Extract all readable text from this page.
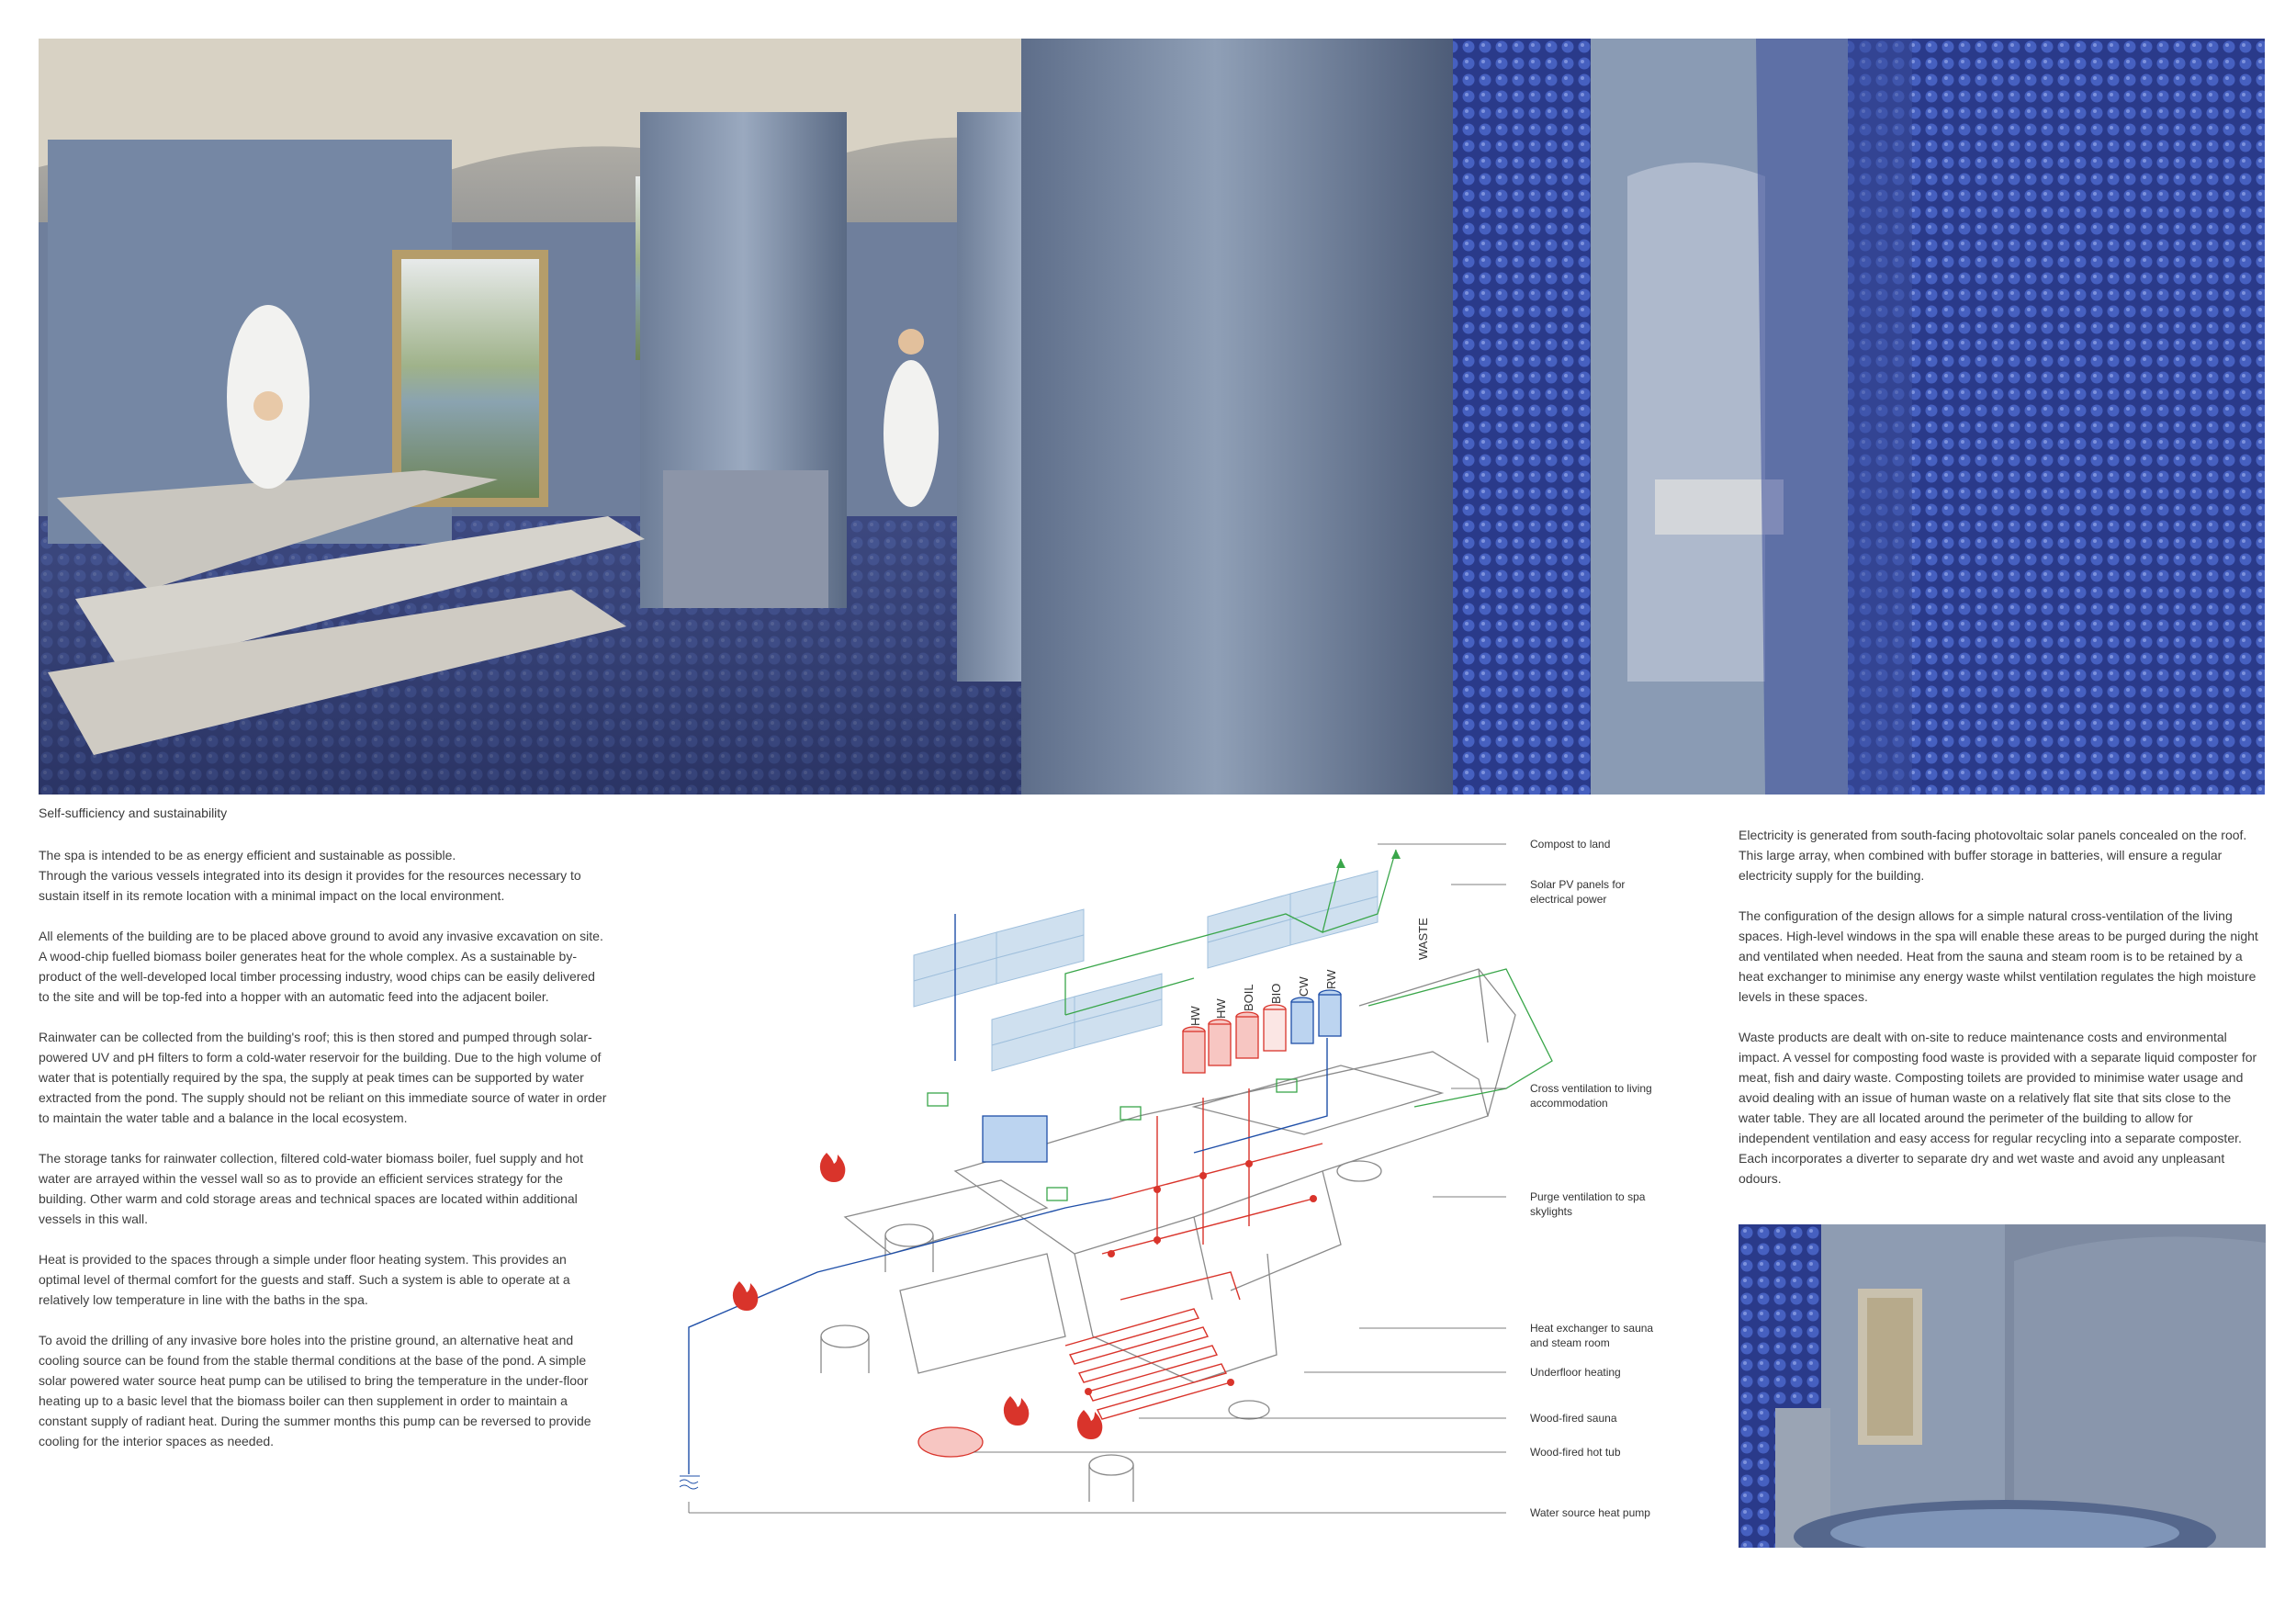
Self-sufficiency and sustainability

The spa is intended to be as energy efficient and sustainable as possible.
Through the various vessels integrated into its design it provides for the resources necessary to sustain itself in its remote location with a minimal impact on the local environment.

All elements of the building are to be placed above ground to avoid any invasive excavation on site. A wood-chip fuelled biomass boiler generates heat for the whole complex. As a sustainable by-product of the well-developed local timber processing industry, wood chips can be easily delivered to the site and will be top-fed into a hopper with an automatic feed into the adjacent boiler.

Rainwater can be collected from the building's roof; this is then stored and pumped through solar-powered UV and pH filters to form a cold-water reservoir for the building. Due to the high volume of water that is potentially required by the spa, the supply at peak times can be supported by water extracted from the pond. The supply should not be reliant on this immediate source of water in order to maintain the water table and a balance in the local ecosystem.

The storage tanks for rainwater collection, filtered cold-water biomass boiler, fuel supply and hot water are arrayed within the vessel wall so as to provide an efficient services strategy for the building. Other warm and cold storage areas and technical spaces are located within additional vessels in this wall.

Heat is provided to the spaces through a simple under floor heating system. This provides an optimal level of thermal comfort for the guests and staff. Such a system is able to operate at a relatively low temperature in line with the baths in the spa.

To avoid the drilling of any invasive bore holes into the pristine ground, an alternative heat and cooling source can be found from the stable thermal conditions at the base of the pond. A simple solar powered water source heat pump can be utilised to bring the temperature in the under-floor heating up to a basic level that the biomass boiler can then supplement in order to maintain a constant supply of radiant heat. During the summer months this pump can be reversed to provide cooling for the interior spaces as needed.

Electricity is generated from south-facing photovoltaic solar panels concealed on the roof. This large array, when combined with buffer storage in batteries, will ensure a regular electricity supply for the building.

The configuration of the design allows for a simple natural cross-ventilation of the living spaces. High-level windows in the spa will enable these areas to be purged during the night and ventilated when needed. Heat from the sauna and steam room is to be retained by a heat exchanger to minimise any energy waste whilst ventilation regulates the high moisture levels in these spaces.

Waste products are dealt with on-site to reduce maintenance costs and environmental impact. A vessel for composting food waste is provided with a separate liquid composter for meat, fish and dairy waste. Composting toilets are provided to minimise water usage and avoid dealing with an issue of human waste on a relatively flat site that sits close to the water table. They are all located around the perimeter of the building to allow for independent ventilation and easy access for regular recycling into a separate composter. Each incorporates a diverter to separate dry and wet waste and avoid any unpleasant odours.

HW HW BOIL BIO CW RW
WASTE
Compost to land
Solar PV panels for electrical power
Cross ventilation to living accommodation
Purge ventilation to spa skylights
Heat exchanger to sauna and steam room
Underfloor heating
Wood-fired sauna
Wood-fired hot tub
Water source heat pump
